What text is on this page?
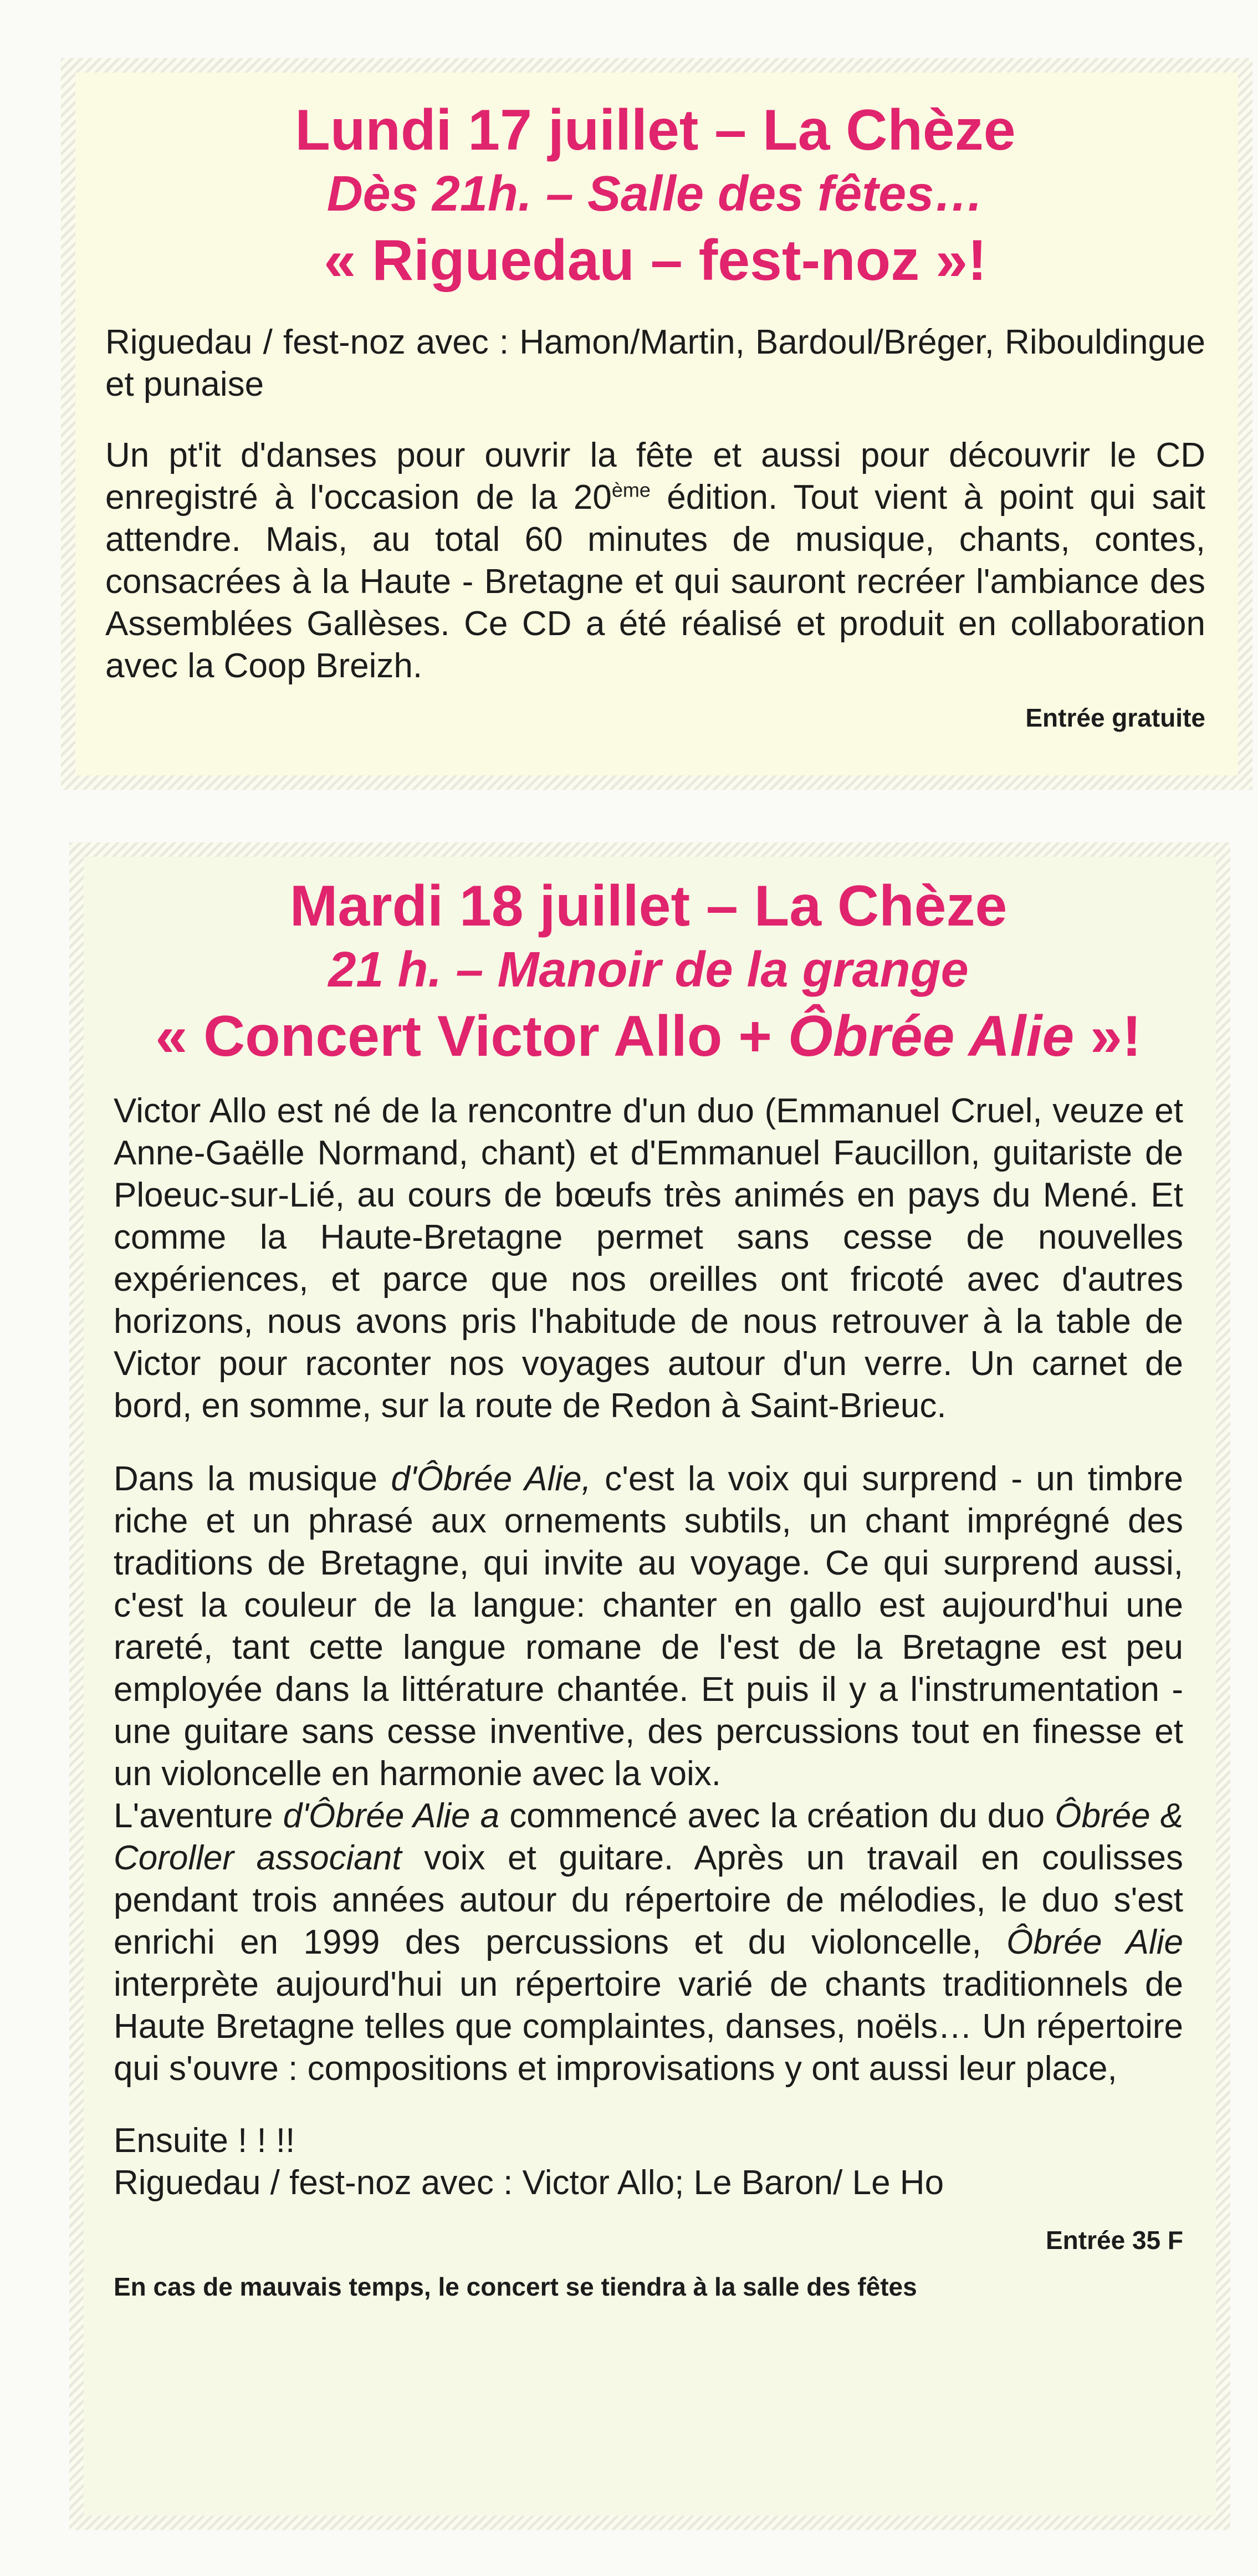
Lundi 17 juillet – La Chèze
Dès 21h. – Salle des fêtes…
« Riguedau – fest-noz »!

Riguedau / fest-noz avec : Hamon/Martin, Bardoul/Bréger, Ribouldingue et punaise

Un pt'it d'danses pour ouvrir la fête et aussi pour découvrir le CD enregistré à l'occasion de la 20ème édition. Tout vient à point qui sait attendre. Mais, au total 60 minutes de musique, chants, contes, consacrées à la Haute - Bretagne et qui sauront recréer l'ambiance des Assemblées Gallèses. Ce CD a été réalisé et produit en collaboration avec la Coop Breizh.

Entrée gratuite
Mardi 18 juillet – La Chèze
21 h. – Manoir de la grange
« Concert Victor Allo + Ôbrée Alie »!

Victor Allo est né de la rencontre d'un duo (Emmanuel Cruel, veuze et Anne-Gaëlle Normand, chant) et d'Emmanuel Faucillon, guitariste de Ploeuc-sur-Lié, au cours de bœufs très animés en pays du Mené. Et comme la Haute-Bretagne permet sans cesse de nouvelles expériences, et parce que nos oreilles ont fricoté avec d'autres horizons, nous avons pris l'habitude de nous retrouver à la table de Victor pour raconter nos voyages autour d'un verre. Un carnet de bord, en somme, sur la route de Redon à Saint-Brieuc.

Dans la musique d'Ôbrée Alie, c'est la voix qui surprend - un timbre riche et un phrasé aux ornements subtils, un chant imprégné des traditions de Bretagne, qui invite au voyage. Ce qui surprend aussi, c'est la couleur de la langue: chanter en gallo est aujourd'hui une rareté, tant cette langue romane de l'est de la Bretagne est peu employée dans la littérature chantée. Et puis il y a l'instrumentation - une guitare sans cesse inventive, des percussions tout en finesse et un violoncelle en harmonie avec la voix.

L'aventure d'Ôbrée Alie a commencé avec la création du duo Ôbrée & Coroller associant voix et guitare. Après un travail en coulisses pendant trois années autour du répertoire de mélodies, le duo s'est enrichi en 1999 des percussions et du violoncelle, Ôbrée Alie interprète aujourd'hui un répertoire varié de chants traditionnels de Haute Bretagne telles que complaintes, danses, noëls… Un répertoire qui s'ouvre : compositions et improvisations y ont aussi leur place,

Ensuite ! ! !!

Riguedau / fest-noz avec : Victor Allo; Le Baron/ Le Ho

Entrée 35 F
En cas de mauvais temps, le concert se tiendra à la salle des fêtes
